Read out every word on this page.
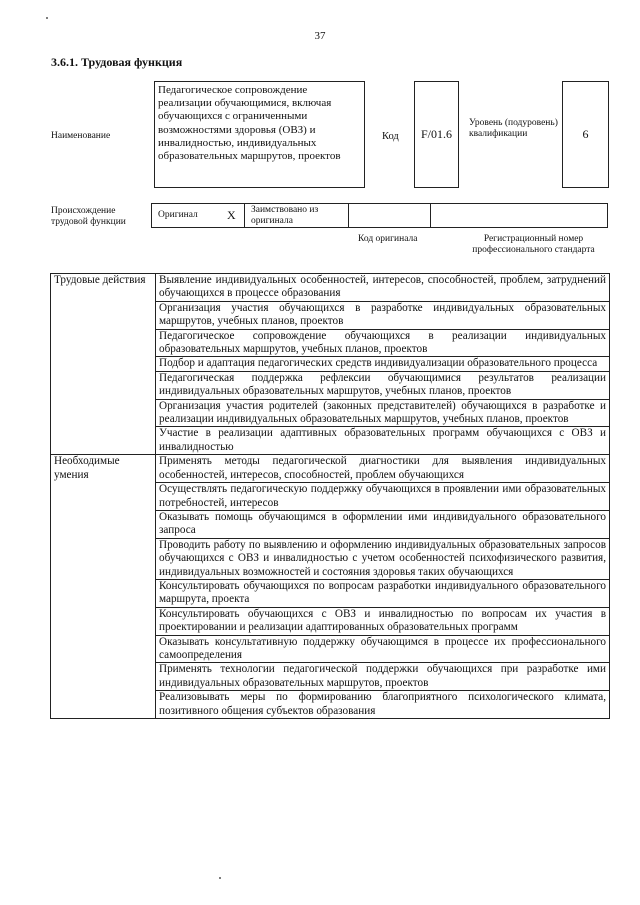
37
3.6.1. Трудовая функция
Наименование
Педагогическое сопровождение реализации обучающимися, включая обучающихся с ограниченными возможностями здоровья (ОВЗ) и инвалидностью, индивидуальных образовательных маршрутов, проектов
Код F/01.6
Уровень (подуровень) квалификации	6
Происхождение трудовой функции
Оригинал X Заимствовано из оригинала
Код оригинала	Регистрационный номер профессионального стандарта
Трудовые действия	Выявление индивидуальных особенностей, интересов, способностей, проблем, затруднений обучающихся в процессе образования
	Организация участия обучающихся в разработке индивидуальных образовательных маршрутов, учебных планов, проектов
	Педагогическое сопровождение обучающихся в реализации индивидуальных образовательных маршрутов, учебных планов, проектов
	Подбор и адаптация педагогических средств индивидуализации образовательного процесса
	Педагогическая поддержка рефлексии обучающимися результатов реализации индивидуальных образовательных маршрутов, учебных планов, проектов
	Организация участия родителей (законных представителей) обучающихся в разработке и реализации индивидуальных образовательных маршрутов, учебных планов, проектов
	Участие в реализации адаптивных образовательных программ обучающихся с ОВЗ и инвалидностью
Необходимые умения	Применять методы педагогической диагностики для выявления индивидуальных особенностей, интересов, способностей, проблем обучающихся
	Осуществлять педагогическую поддержку обучающихся в проявлении ими образовательных потребностей, интересов
	Оказывать помощь обучающимся в оформлении ими индивидуального образовательного запроса
	Проводить работу по выявлению и оформлению индивидуальных образовательных запросов обучающихся с ОВЗ и инвалидностью с учетом особенностей психофизического развития, индивидуальных возможностей и состояния здоровья таких обучающихся
	Консультировать обучающихся по вопросам разработки индивидуального образовательного маршрута, проекта
	Консультировать обучающихся с ОВЗ и инвалидностью по вопросам их участия в проектировании и реализации адаптированных образовательных программ
	Оказывать консультативную поддержку обучающимся в процессе их профессионального самоопределения
	Применять технологии педагогической поддержки обучающихся при разработке ими индивидуальных образовательных маршрутов, проектов
	Реализовывать меры по формированию благоприятного психологического климата, позитивного общения субъектов образования
